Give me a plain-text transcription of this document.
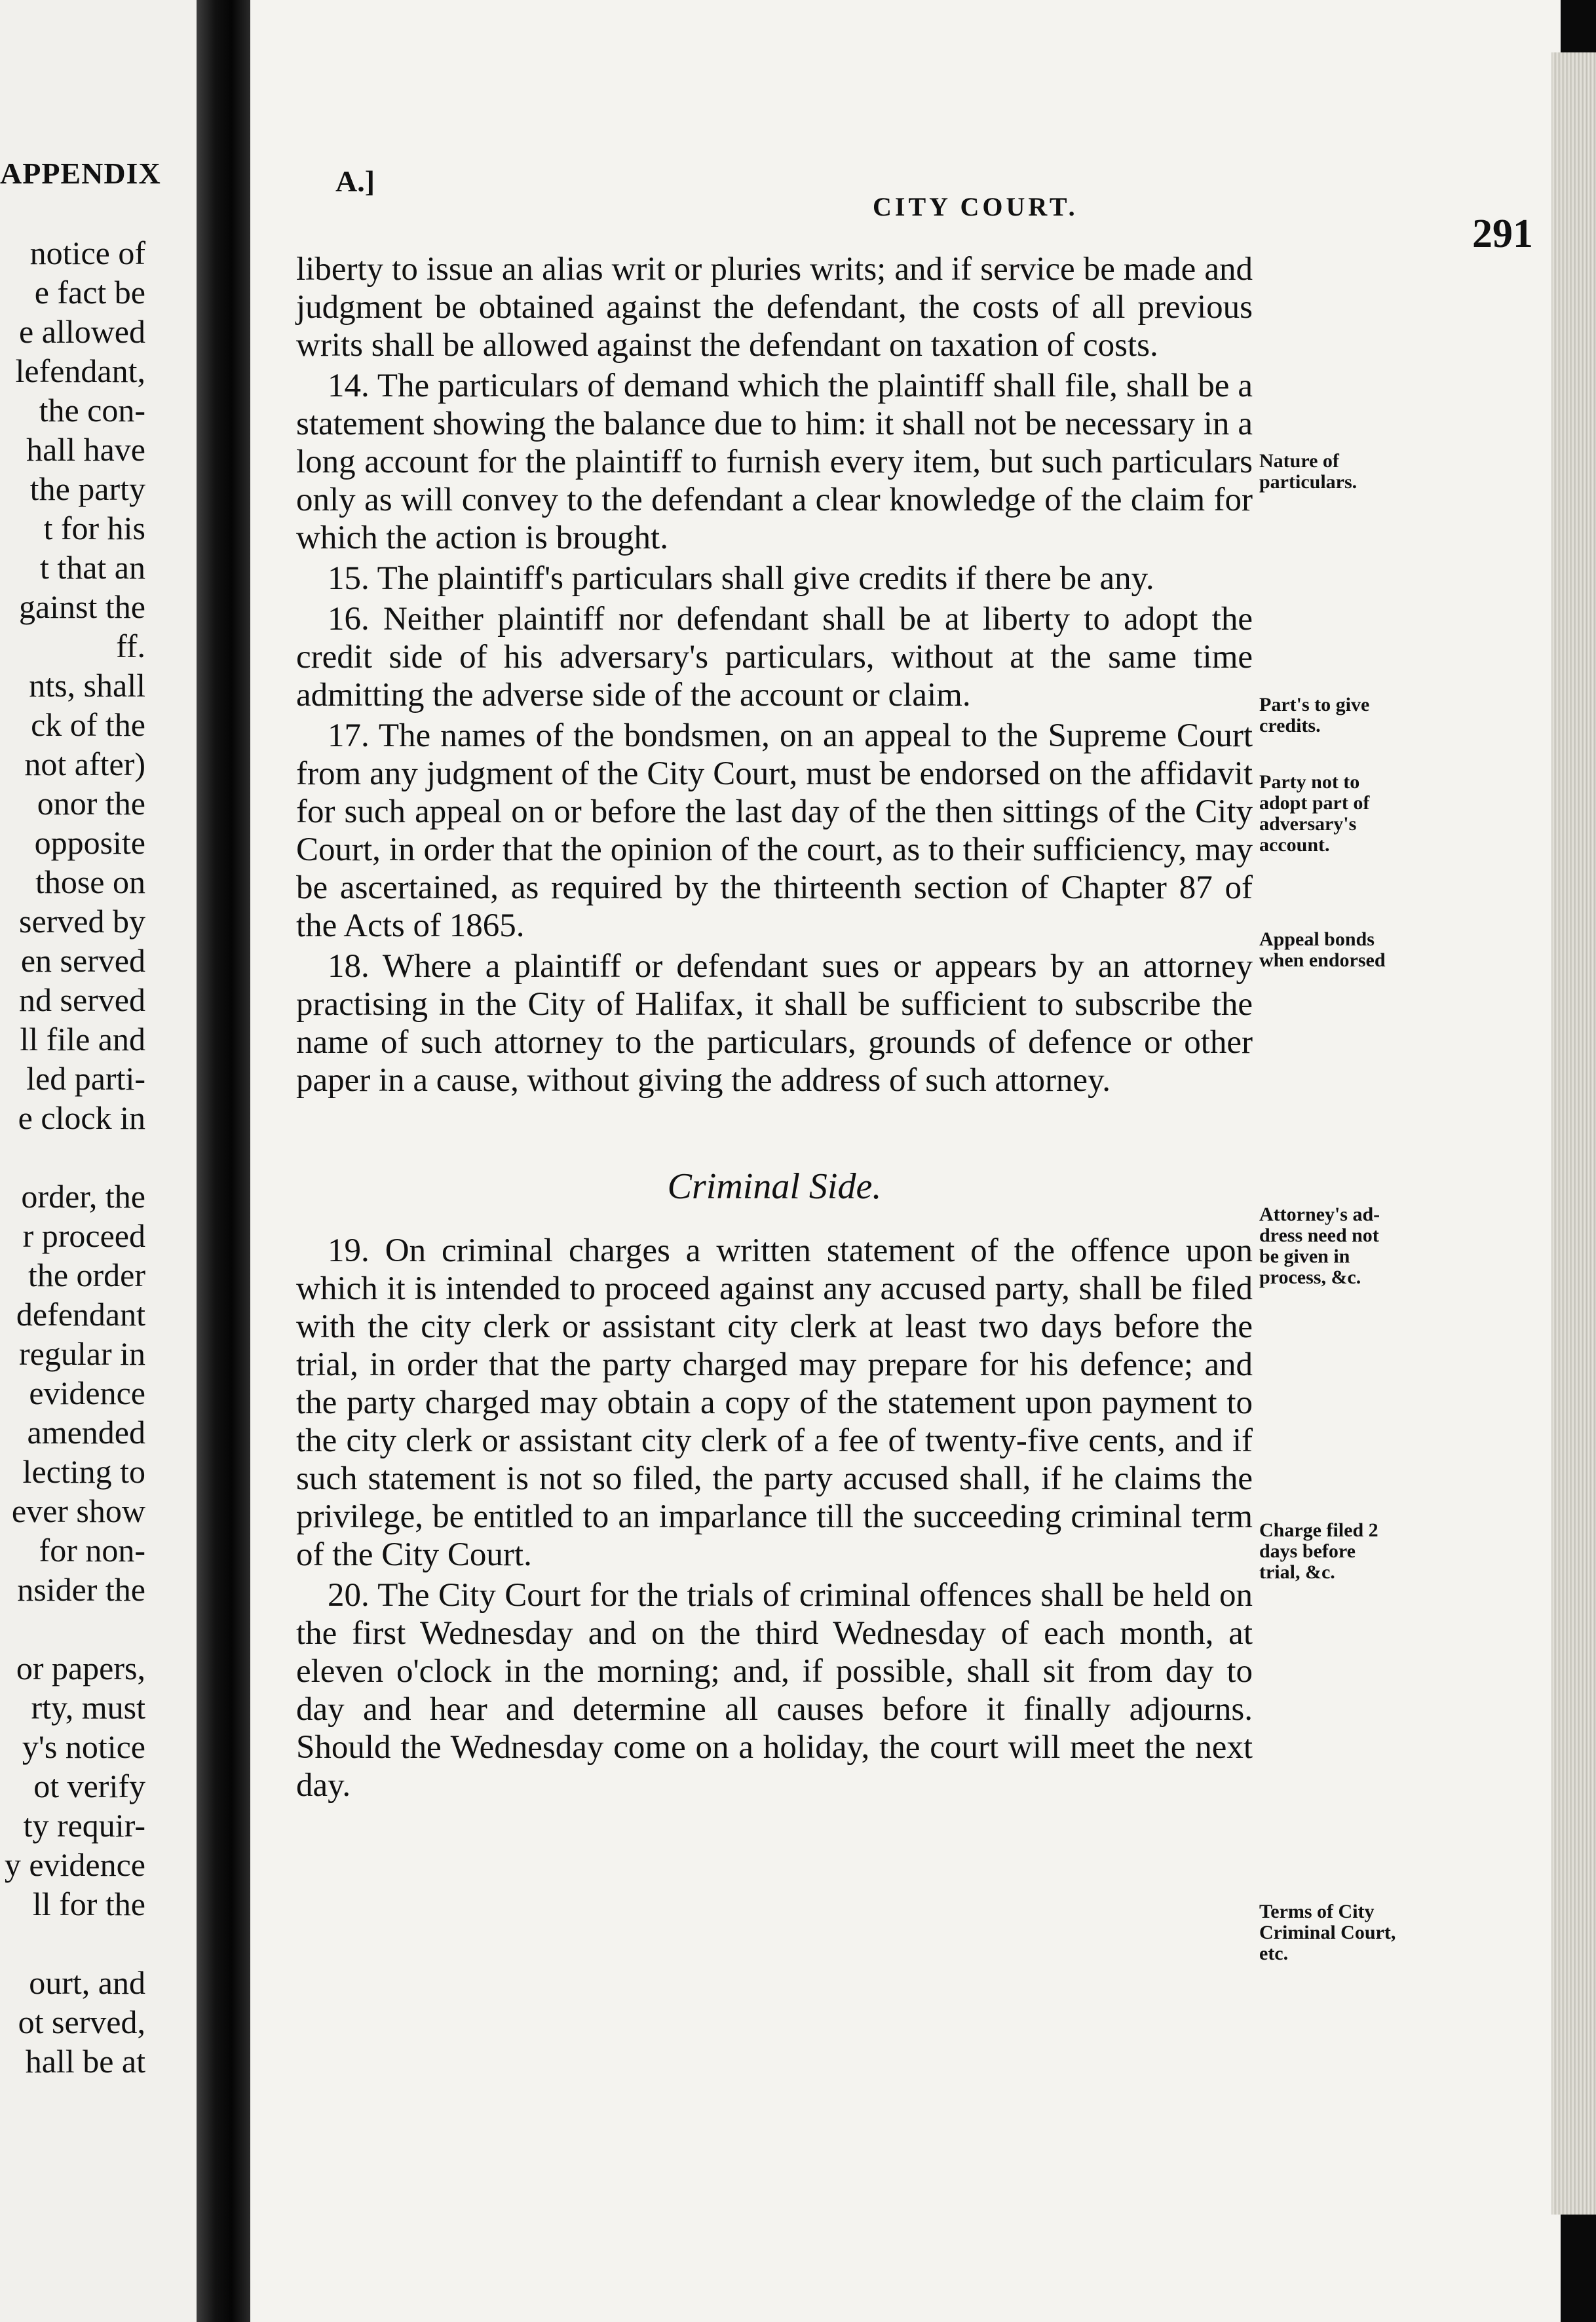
APPENDIX
notice of
e fact be
e allowed
lefendant,
the con-
hall have
the party
t for his
t that an
gainst the
ff.
nts, shall
ck of the
not after)
onor the
opposite
those on
served by
en served
nd served
ll file and
led parti-
e clock in
order, the
r proceed
the order
defendant
regular in
evidence
amended
lecting to
ever show
for non-
nsider the
or papers,
rty, must
y's notice
ot verify
ty requir-
y evidence
ll for the
ourt, and
ot served,
hall be at
A.]
CITY COURT.
291

liberty to issue an alias writ or pluries writs; and if service be made and judgment be obtained against the defendant, the costs of all previous writs shall be allowed against the defendant on taxation of costs.

14. The particulars of demand which the plaintiff shall file, shall be a statement showing the balance due to him: it shall not be necessary in a long account for the plaintiff to furnish every item, but such particulars only as will convey to the defendant a clear knowledge of the claim for which the action is brought.

15. The plaintiff's particulars shall give credits if there be any.

16. Neither plaintiff nor defendant shall be at liberty to adopt the credit side of his adversary's particulars, without at the same time admitting the adverse side of the account or claim.

17. The names of the bondsmen, on an appeal to the Supreme Court from any judgment of the City Court, must be endorsed on the affidavit for such appeal on or before the last day of the then sittings of the City Court, in order that the opinion of the court, as to their sufficiency, may be ascertained, as required by the thirteenth section of Chapter 87 of the Acts of 1865.

18. Where a plaintiff or defendant sues or appears by an attorney practising in the City of Halifax, it shall be sufficient to subscribe the name of such attorney to the particulars, grounds of defence or other paper in a cause, without giving the address of such attorney.

Criminal Side.

19. On criminal charges a written statement of the offence upon which it is intended to proceed against any accused party, shall be filed with the city clerk or assistant city clerk at least two days before the trial, in order that the party charged may prepare for his defence; and the party charged may obtain a copy of the statement upon payment to the city clerk or assistant city clerk of a fee of twenty-five cents, and if such statement is not so filed, the party accused shall, if he claims the privilege, be entitled to an imparlance till the succeeding criminal term of the City Court.

20. The City Court for the trials of criminal offences shall be held on the first Wednesday and on the third Wednesday of each month, at eleven o'clock in the morning; and, if possible, shall sit from day to day and hear and determine all causes before it finally adjourns. Should the Wednesday come on a holiday, the court will meet the next day.

Nature of
particulars.
Part's to give
credits.
Party not to
adopt part of
adversary's
account.
Appeal bonds
when endorsed
Attorney's ad-
dress need not
be given in
process, &c.
Charge filed 2
days before
trial, &c.
Terms of City
Criminal Court,
etc.
